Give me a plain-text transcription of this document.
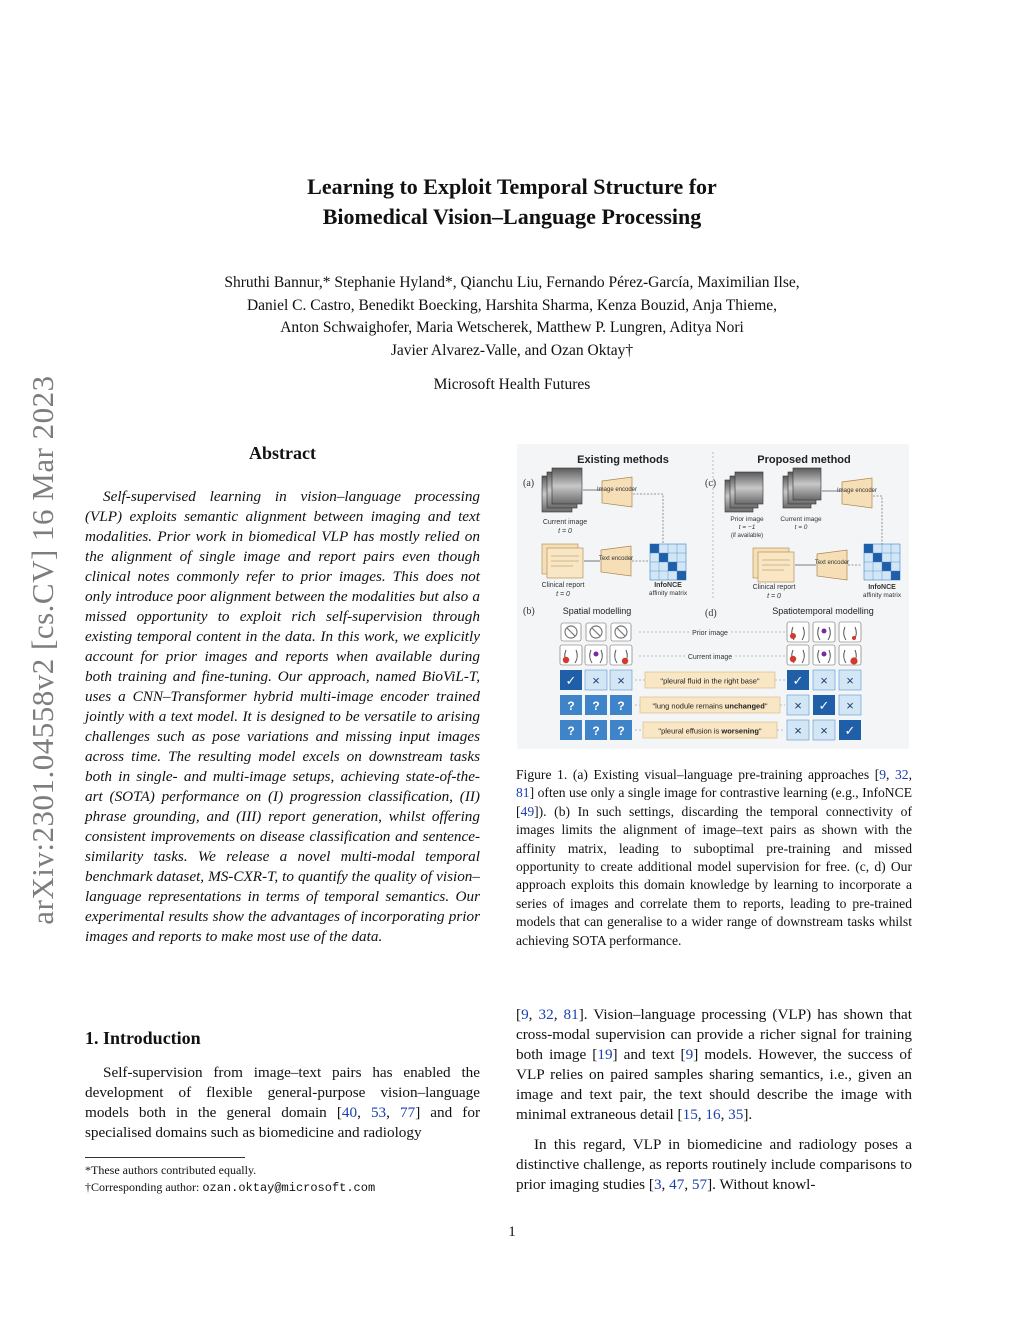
arXiv:2301.04558v2 [cs.CV] 16 Mar 2023
Learning to Exploit Temporal Structure for
Biomedical Vision–Language Processing
Shruthi Bannur,* Stephanie Hyland*, Qianchu Liu, Fernando Pérez-García, Maximilian Ilse,
Daniel C. Castro, Benedikt Boecking, Harshita Sharma, Kenza Bouzid, Anja Thieme,
Anton Schwaighofer, Maria Wetscherek, Matthew P. Lungren, Aditya Nori
Javier Alvarez-Valle, and Ozan Oktay†
Microsoft Health Futures
Abstract
Self-supervised learning in vision–language processing (VLP) exploits semantic alignment between imaging and text modalities. Prior work in biomedical VLP has mostly relied on the alignment of single image and report pairs even though clinical notes commonly refer to prior images. This does not only introduce poor alignment between the modalities but also a missed opportunity to exploit rich self-supervision through existing temporal content in the data. In this work, we explicitly account for prior images and reports when available during both training and fine-tuning. Our approach, named BioViL-T, uses a CNN–Transformer hybrid multi-image encoder trained jointly with a text model. It is designed to be versatile to arising challenges such as pose variations and missing input images across time. The resulting model excels on downstream tasks both in single- and multi-image setups, achieving state-of-the-art (SOTA) performance on (I) progression classification, (II) phrase grounding, and (III) report generation, whilst offering consistent improvements on disease classification and sentence-similarity tasks. We release a novel multi-modal temporal benchmark dataset, MS-CXR-T, to quantify the quality of vision–language representations in terms of temporal semantics. Our experimental results show the advantages of incorporating prior images and reports to make most use of the data.
1. Introduction
Self-supervision from image–text pairs has enabled the development of flexible general-purpose vision–language models both in the general domain [40, 53, 77] and for specialised domains such as biomedicine and radiology
*These authors contributed equally.
†Corresponding author: ozan.oktay@microsoft.com
[9, 32, 81]. Vision–language processing (VLP) has shown that cross-modal supervision can provide a richer signal for training both image [19] and text [9] models. However, the success of VLP relies on paired samples sharing semantics, i.e., given an image and text pair, the text should describe the image with minimal extraneous detail [15, 16, 35].
In this regard, VLP in biomedicine and radiology poses a distinctive challenge, as reports routinely include comparisons to prior imaging studies [3, 47, 57]. Without knowl-
Figure 1. (a) Existing visual–language pre-training approaches [9, 32, 81] often use only a single image for contrastive learning (e.g., InfoNCE [49]). (b) In such settings, discarding the temporal connectivity of images limits the alignment of image–text pairs as shown with the affinity matrix, leading to suboptimal pre-training and missed opportunity to create additional model supervision for free. (c, d) Our approach exploits this domain knowledge by learning to incorporate a series of images and correlate them to reports, leading to pre-trained models that can generalise to a wider range of downstream tasks whilst achieving SOTA performance.
Existing methods	Proposed method
(a)	(c)
(b)	(d)
Current image
t = 0
Image encoder
Clinical report
t = 0
Text encoder
InfoNCE
affinity matrix
Prior image
t = −1
(if available)
Current image
t = 0
Image encoder
Clinical report
t = 0
Text encoder
InfoNCE
affinity matrix
Spatial modelling	Spatiotemporal modelling
Prior image
Current image
✓ × ×
? ? ?
? ? ?
"pleural fluid in the right base"
"lung nodule remains unchanged"
"pleural effusion is worsening"
✓ × ×
× ✓ ×
× × ✓
1
